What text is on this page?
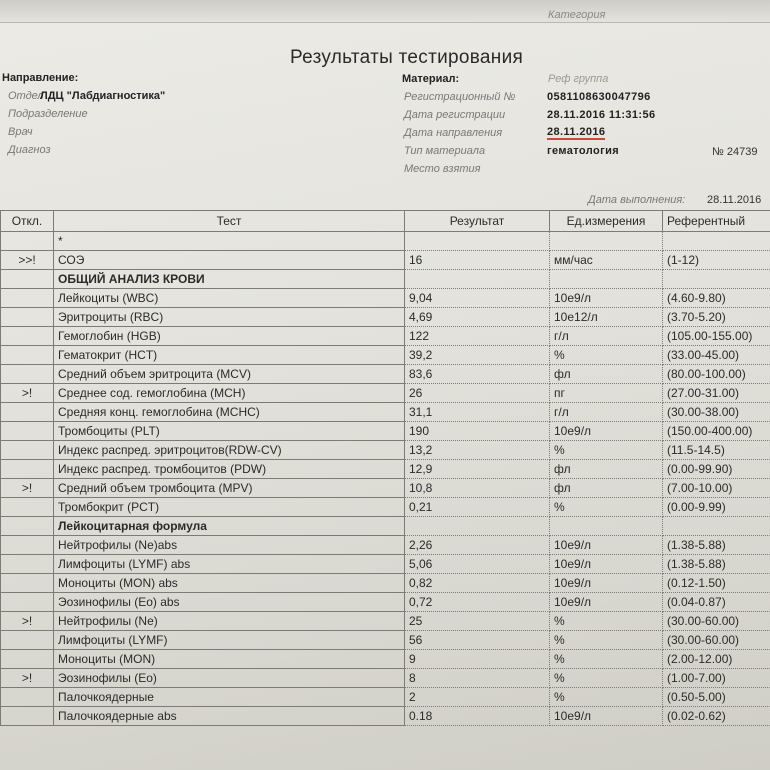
Категория
Результаты тестирования
Направление:
Отдел
ЛДЦ "Лабдиагностика"
Подразделение
Врач
Диагноз
Материал:	Реф группа
Регистрационный №	0581108630047796
Дата регистрации	28.11.2016 11:31:56
Дата направления	28.11.2016
Тип материала	гематология	№ 24739
Место взятия
Дата выполнения: 28.11.2016
Откл.	Тест	Результат	Ед.измерения	Референтный
	*			
>>!	СОЭ	16	мм/час	(1-12)
	ОБЩИЙ АНАЛИЗ КРОВИ			
	Лейкоциты (WBC)	9,04	10е9/л	(4.60-9.80)
	Эритроциты (RBC)	4,69	10е12/л	(3.70-5.20)
	Гемоглобин (HGB)	122	г/л	(105.00-155.00)
	Гематокрит (HCT)	39,2	%	(33.00-45.00)
	Средний объем эритроцита (MCV)	83,6	фл	(80.00-100.00)
>!	Среднее сод. гемоглобина (MCH)	26	пг	(27.00-31.00)
	Средняя конц. гемоглобина (MCHC)	31,1	г/л	(30.00-38.00)
	Тромбоциты (PLT)	190	10е9/л	(150.00-400.00)
	Индекс распред. эритроцитов(RDW-CV)	13,2	%	(11.5-14.5)
	Индекс распред. тромбоцитов (PDW)	12,9	фл	(0.00-99.90)
>!	Средний объем тромбоцита (MPV)	10,8	фл	(7.00-10.00)
	Тромбокрит (PCT)	0,21	%	(0.00-9.99)
	Лейкоцитарная формула			
	Нейтрофилы (Ne)abs	2,26	10е9/л	(1.38-5.88)
	Лимфоциты (LYMF) abs	5,06	10е9/л	(1.38-5.88)
	Моноциты (MON) abs	0,82	10е9/л	(0.12-1.50)
	Эозинофилы (Eo) abs	0,72	10е9/л	(0.04-0.87)
>!	Нейтрофилы (Ne)	25	%	(30.00-60.00)
	Лимфоциты (LYMF)	56	%	(30.00-60.00)
	Моноциты (MON)	9	%	(2.00-12.00)
>!	Эозинофилы (Eo)	8	%	(1.00-7.00)
	Палочкоядерные	2	%	(0.50-5.00)
	Палочкоядерные abs	0.18	10е9/л	(0.02-0.62)
